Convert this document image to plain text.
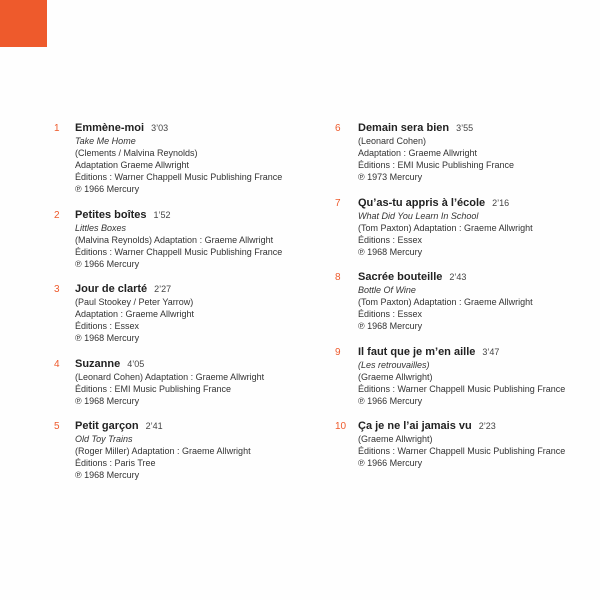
1	Emmène-moi 3’03
Take Me Home
(Clements / Malvina Reynolds)
Adaptation Graeme Allwright
Éditions : Warner Chappell Music Publishing France
℗ 1966 Mercury
2	Petites boîtes 1’52
Littles Boxes
(Malvina Reynolds) Adaptation : Graeme Allwright
Éditions : Warner Chappell Music Publishing France
℗ 1966 Mercury
3	Jour de clarté 2’27
(Paul Stookey / Peter Yarrow)
Adaptation : Graeme Allwright
Éditions : Essex
℗ 1968 Mercury
4	Suzanne 4’05
(Leonard Cohen) Adaptation : Graeme Allwright
Éditions : EMI Music Publishing France
℗ 1968 Mercury
5	Petit garçon 2’41
Old Toy Trains
(Roger Miller) Adaptation : Graeme Allwright
Éditions : Paris Tree
℗ 1968 Mercury
6	Demain sera bien 3’55
(Leonard Cohen)
Adaptation : Graeme Allwright
Éditions : EMI Music Publishing France
℗ 1973 Mercury
7	Qu’as-tu appris à l’école 2’16
What Did You Learn In School
(Tom Paxton) Adaptation : Graeme Allwright
Éditions : Essex
℗ 1968 Mercury
8	Sacrée bouteille 2’43
Bottle Of Wine
(Tom Paxton) Adaptation : Graeme Allwright
Éditions : Essex
℗ 1968 Mercury
9	Il faut que je m’en aille 3’47
(Les retrouvailles)
(Graeme Allwright)
Éditions : Warner Chappell Music Publishing France
℗ 1966 Mercury
10	Ça je ne l’ai jamais vu 2’23
(Graeme Allwright)
Éditions : Warner Chappell Music Publishing France
℗ 1966 Mercury
